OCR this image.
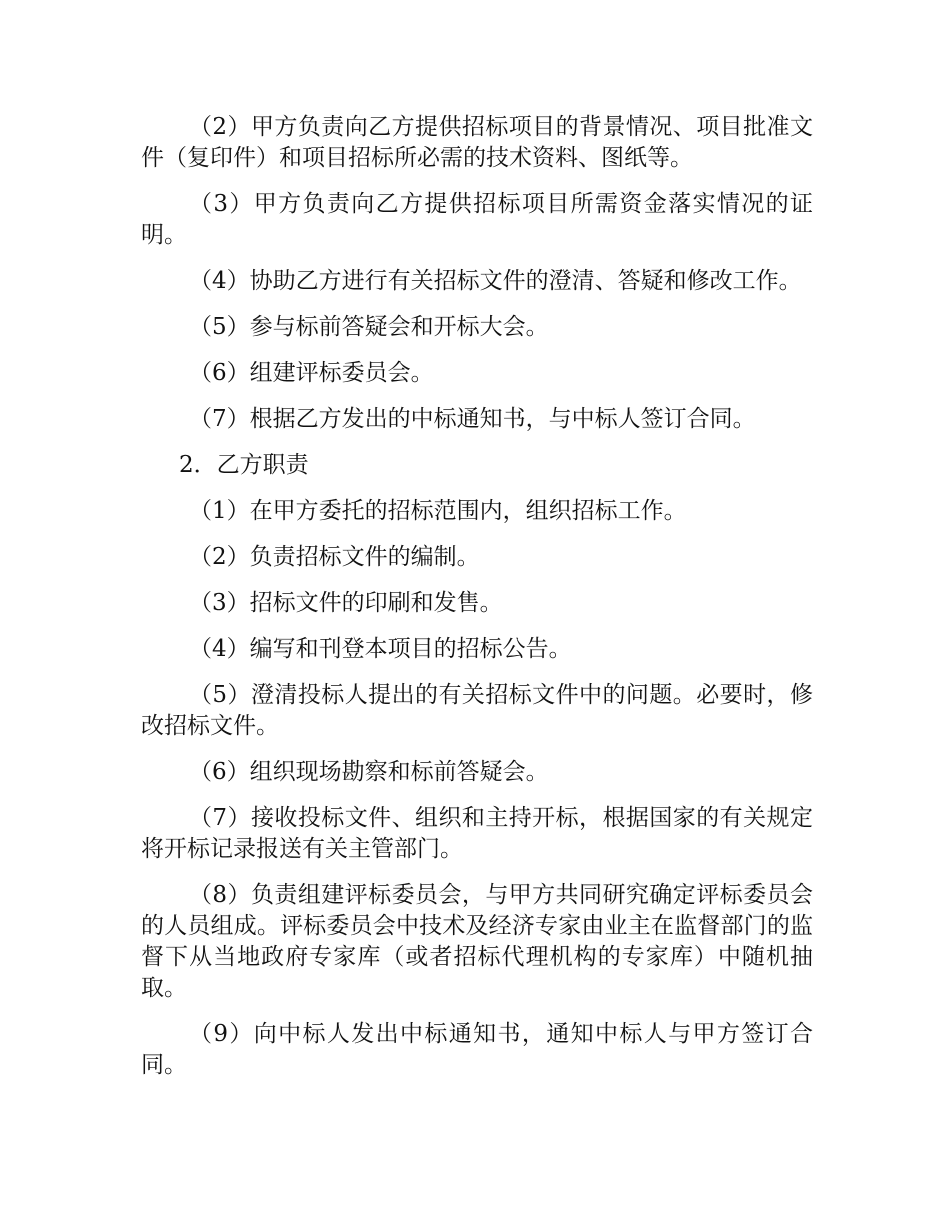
（2）甲方负责向乙方提供招标项目的背景情况、项目批准文件（复印件）和项目招标所必需的技术资料、图纸等。

（3）甲方负责向乙方提供招标项目所需资金落实情况的证明。

（4）协助乙方进行有关招标文件的澄清、答疑和修改工作。

（5）参与标前答疑会和开标大会。

（6）组建评标委员会。

（7）根据乙方发出的中标通知书，与中标人签订合同。

2．乙方职责

（1）在甲方委托的招标范围内，组织招标工作。

（2）负责招标文件的编制。

（3）招标文件的印刷和发售。

（4）编写和刊登本项目的招标公告。

（5）澄清投标人提出的有关招标文件中的问题。必要时，修改招标文件。

（6）组织现场勘察和标前答疑会。

（7）接收投标文件、组织和主持开标，根据国家的有关规定将开标记录报送有关主管部门。

（8）负责组建评标委员会，与甲方共同研究确定评标委员会的人员组成。评标委员会中技术及经济专家由业主在监督部门的监督下从当地政府专家库（或者招标代理机构的专家库）中随机抽取。

（9）向中标人发出中标通知书，通知中标人与甲方签订合同。
